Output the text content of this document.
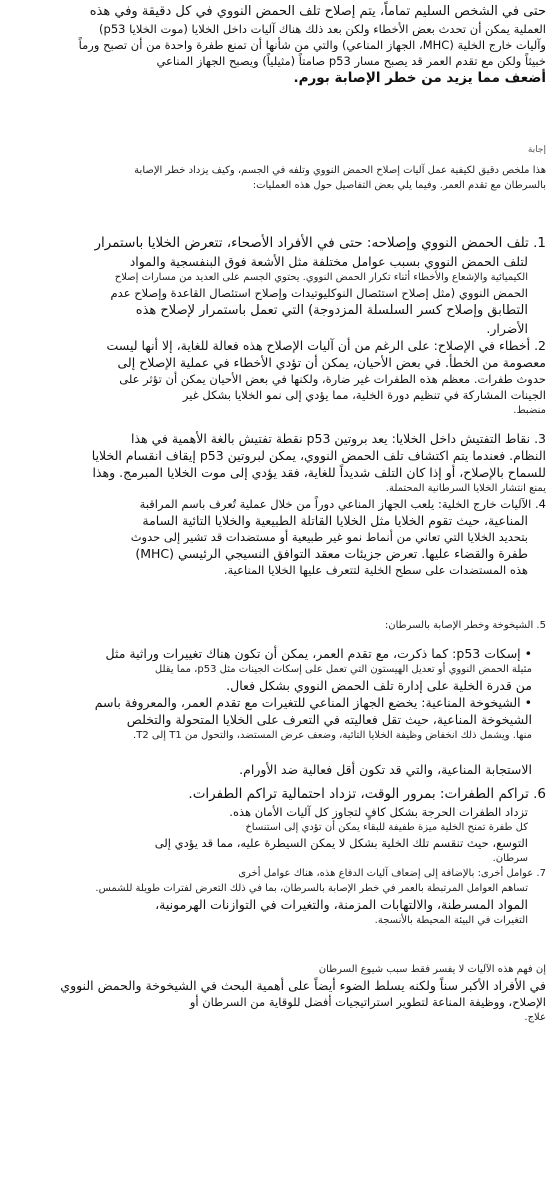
حتى في الشخص السليم تماماً، يتم إصلاح تلف الحمض النووي في كل دقيقة وفي هذه

العملية يمكن أن تحدث بعض الأخطاء ولكن بعد ذلك هناك آليات داخل الخلايا (موت الخلايا p53)

وآليات خارج الخلية (MHC، الجهاز المناعي) والتي من شأنها أن تمنع طفرة واحدة من أن تصبح ورماً

خبيثاً ولكن مع تقدم العمر قد يصبح مسار p53 صامتاً (مثيلياً) ويصبح الجهاز المناعي

أضعف مما يزيد من خطر الإصابة بورم.

إجابة

هذا ملخص دقيق لكيفية عمل آليات إصلاح الحمض النووي وتلفه في الجسم، وكيف يزداد خطر الإصابة

بالسرطان مع تقدم العمر. وفيما يلي بعض التفاصيل حول هذه العمليات:

1. تلف الحمض النووي وإصلاحه: حتى في الأفراد الأصحاء، تتعرض الخلايا باستمرار

لتلف الحمض النووي بسبب عوامل مختلفة مثل الأشعة فوق البنفسجية والمواد

الكيميائية والإشعاع والأخطاء أثناء تكرار الحمض النووي. يحتوي الجسم على العديد من مسارات إصلاح

الحمض النووي (مثل إصلاح استئصال النوكليوتيدات وإصلاح استئصال القاعدة وإصلاح عدم

التطابق وإصلاح كسر السلسلة المزدوجة) التي تعمل باستمرار لإصلاح هذه

الأضرار.

2. أخطاء في الإصلاح: على الرغم من أن آليات الإصلاح هذه فعالة للغاية، إلا أنها ليست

معصومة من الخطأ. في بعض الأحيان، يمكن أن تؤدي الأخطاء في عملية الإصلاح إلى

حدوث طفرات. معظم هذه الطفرات غير ضارة، ولكنها في بعض الأحيان يمكن أن تؤثر على

الجينات المشاركة في تنظيم دورة الخلية، مما يؤدي إلى نمو الخلايا بشكل غير

منضبط.

3. نقاط التفتيش داخل الخلايا: يعد بروتين p53 نقطة تفتيش بالغة الأهمية في هذا

النظام. فعندما يتم اكتشاف تلف الحمض النووي، يمكن لبروتين p53 إيقاف انقسام الخلايا

للسماح بالإصلاح، أو إذا كان التلف شديداً للغاية، فقد يؤدي إلى موت الخلايا المبرمج. وهذا

يمنع انتشار الخلايا السرطانية المحتملة.

4. الآليات خارج الخلية: يلعب الجهاز المناعي دوراً من خلال عملية تُعرف باسم المراقبة

المناعية، حيث تقوم الخلايا مثل الخلايا القاتلة الطبيعية والخلايا التائية السامة

بتحديد الخلايا التي تعاني من أنماط نمو غير طبيعية أو مستضدات قد تشير إلى حدوث

طفرة والقضاء عليها. تعرض جزيئات معقد التوافق النسيجي الرئيسي (MHC)

هذه المستضدات على سطح الخلية لتتعرف عليها الخلايا المناعية.

5. الشيخوخة وخطر الإصابة بالسرطان:

• إسكات p53: كما ذكرت، مع تقدم العمر، يمكن أن تكون هناك تغييرات وراثية مثل

مثيلة الحمض النووي أو تعديل الهيستون التي تعمل على إسكات الجينات مثل p53، مما يقلل

من قدرة الخلية على إدارة تلف الحمض النووي بشكل فعال.

• الشيخوخة المناعية: يخضع الجهاز المناعي للتغيرات مع تقدم العمر، والمعروفة باسم

الشيخوخة المناعية، حيث تقل فعاليته في التعرف على الخلايا المتحولة والتخلص

منها. ويشمل ذلك انخفاض وظيفة الخلايا التائية، وضعف عرض المستضد، والتحول من T1 إلى T2.

الاستجابة المناعية، والتي قد تكون أقل فعالية ضد الأورام.

6. تراكم الطفرات: بمرور الوقت، تزداد احتمالية تراكم الطفرات.

تزداد الطفرات الحرجة بشكل كافٍ لتجاوز كل آليات الأمان هذه.

كل طفرة تمنح الخلية ميزة طفيفة للبقاء يمكن أن تؤدي إلى استنساخ

التوسع، حيث تنقسم تلك الخلية بشكل لا يمكن السيطرة عليه، مما قد يؤدي إلى

سرطان.

7. عوامل أخرى: بالإضافة إلى إضعاف آليات الدفاع هذه، هناك عوامل أخرى

تساهم العوامل المرتبطة بالعمر في خطر الإصابة بالسرطان، بما في ذلك التعرض لفترات طويلة للشمس.

المواد المسرطنة، والالتهابات المزمنة، والتغيرات في التوازنات الهرمونية،

التغيرات في البيئة المحيطة بالأنسجة.

إن فهم هذه الآليات لا يفسر فقط سبب شيوع السرطان

في الأفراد الأكبر سناً ولكنه يسلط الضوء أيضاً على أهمية البحث في الشيخوخة والحمض النووي

الإصلاح، ووظيفة المناعة لتطوير استراتيجيات أفضل للوقاية من السرطان أو

علاج.
